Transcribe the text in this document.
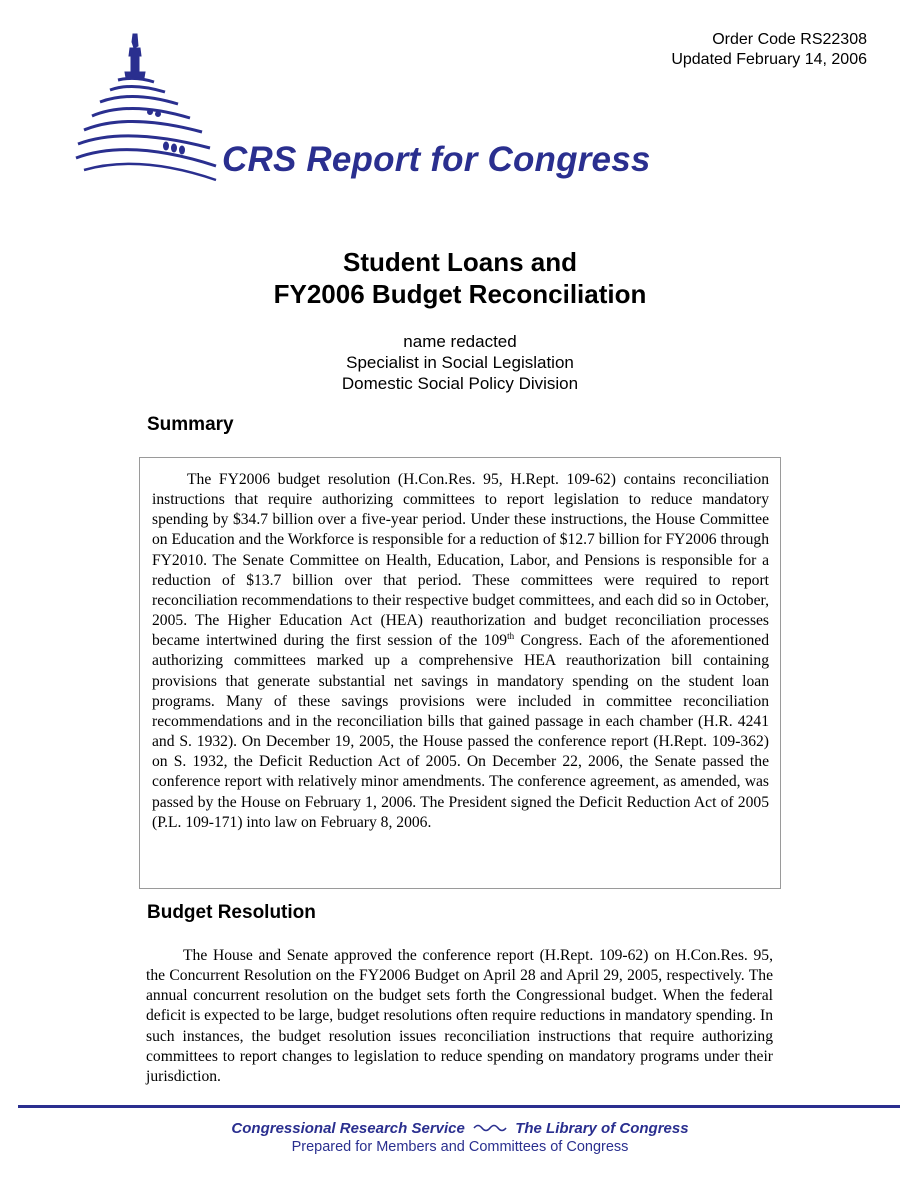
Order Code RS22308
Updated February 14, 2006
CRS Report for Congress
Student Loans and
FY2006 Budget Reconciliation
name redacted
Specialist in Social Legislation
Domestic Social Policy Division
Summary
The FY2006 budget resolution (H.Con.Res. 95, H.Rept. 109-62) contains reconciliation instructions that require authorizing committees to report legislation to reduce mandatory spending by $34.7 billion over a five-year period. Under these instructions, the House Committee on Education and the Workforce is responsible for a reduction of $12.7 billion for FY2006 through FY2010. The Senate Committee on Health, Education, Labor, and Pensions is responsible for a reduction of $13.7 billion over that period. These committees were required to report reconciliation recommendations to their respective budget committees, and each did so in October, 2005. The Higher Education Act (HEA) reauthorization and budget reconciliation processes became intertwined during the first session of the 109th Congress. Each of the aforementioned authorizing committees marked up a comprehensive HEA reauthorization bill containing provisions that generate substantial net savings in mandatory spending on the student loan programs. Many of these savings provisions were included in committee reconciliation recommendations and in the reconciliation bills that gained passage in each chamber (H.R. 4241 and S. 1932). On December 19, 2005, the House passed the conference report (H.Rept. 109-362) on S. 1932, the Deficit Reduction Act of 2005. On December 22, 2006, the Senate passed the conference report with relatively minor amendments. The conference agreement, as amended, was passed by the House on February 1, 2006. The President signed the Deficit Reduction Act of 2005 (P.L. 109-171) into law on February 8, 2006.
Budget Resolution
The House and Senate approved the conference report (H.Rept. 109-62) on H.Con.Res. 95, the Concurrent Resolution on the FY2006 Budget on April 28 and April 29, 2005, respectively. The annual concurrent resolution on the budget sets forth the Congressional budget. When the federal deficit is expected to be large, budget resolutions often require reductions in mandatory spending. In such instances, the budget resolution issues reconciliation instructions that require authorizing committees to report changes to legislation to reduce spending on mandatory programs under their jurisdiction.
Congressional Research Service	The Library of Congress
Prepared for Members and Committees of Congress
